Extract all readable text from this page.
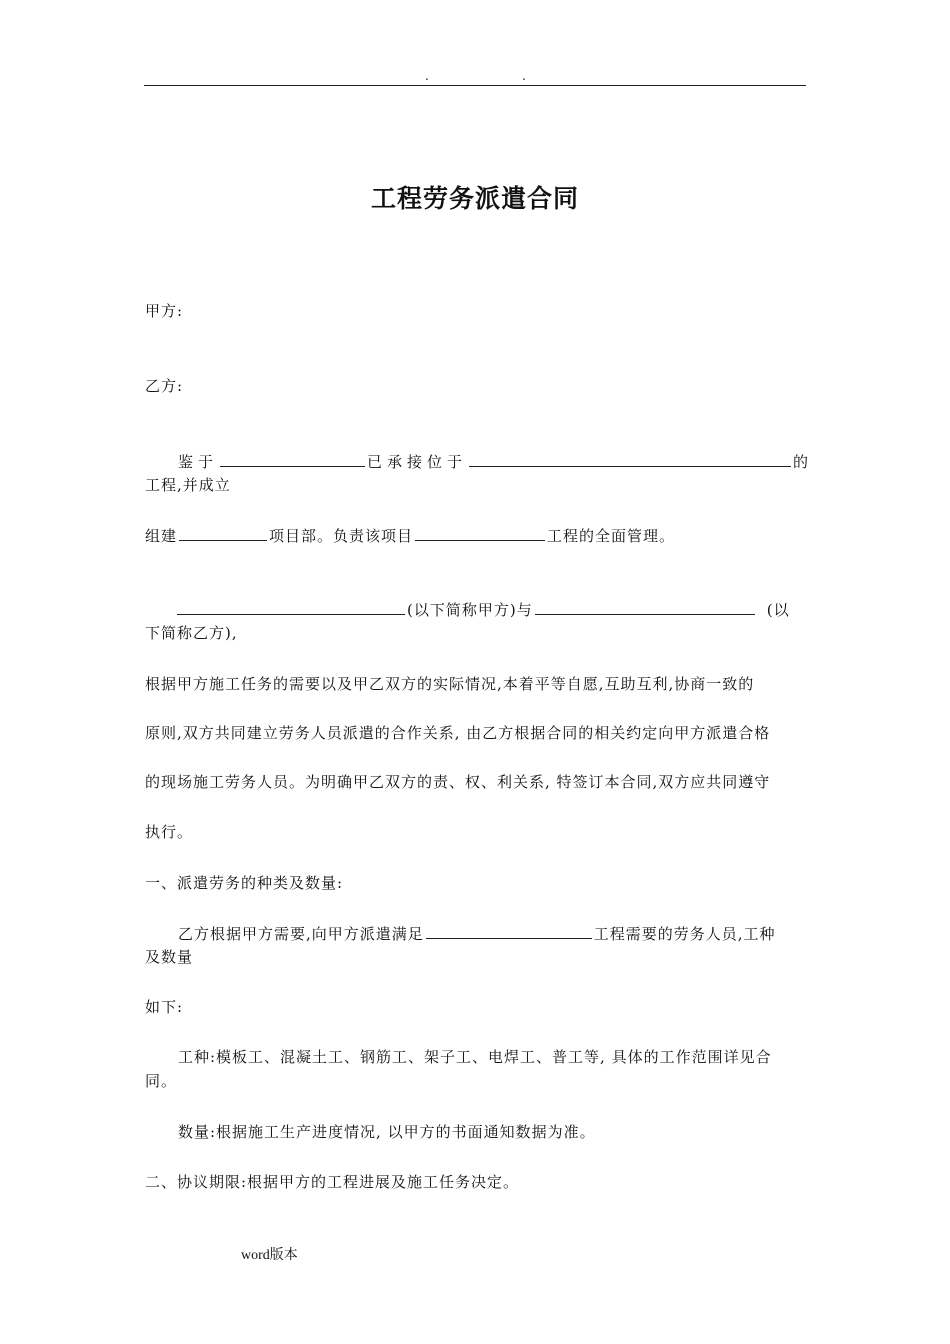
.	.
工程劳务派遣合同
甲方:
乙方:
鉴于	已承接位于	的
工程,并成立
组建	项目部。负责该项目	工程的全面管理。
(以下简称甲方)与	(以
下简称乙方),
根据甲方施工任务的需要以及甲乙双方的实际情况,本着平等自愿,互助互利,协商一致的
原则,双方共同建立劳务人员派遣的合作关系, 由乙方根据合同的相关约定向甲方派遣合格
的现场施工劳务人员。为明确甲乙双方的责、权、利关系, 特签订本合同,双方应共同遵守
执行。
一、派遣劳务的种类及数量:
乙方根据甲方需要,向甲方派遣满足	工程需要的劳务人员,工种
及数量
如下:
工种:模板工、混凝土工、钢筋工、架子工、电焊工、普工等, 具体的工作范围详见合
同。
数量:根据施工生产进度情况, 以甲方的书面通知数据为准。
二、协议期限:根据甲方的工程进展及施工任务决定。
word版本
